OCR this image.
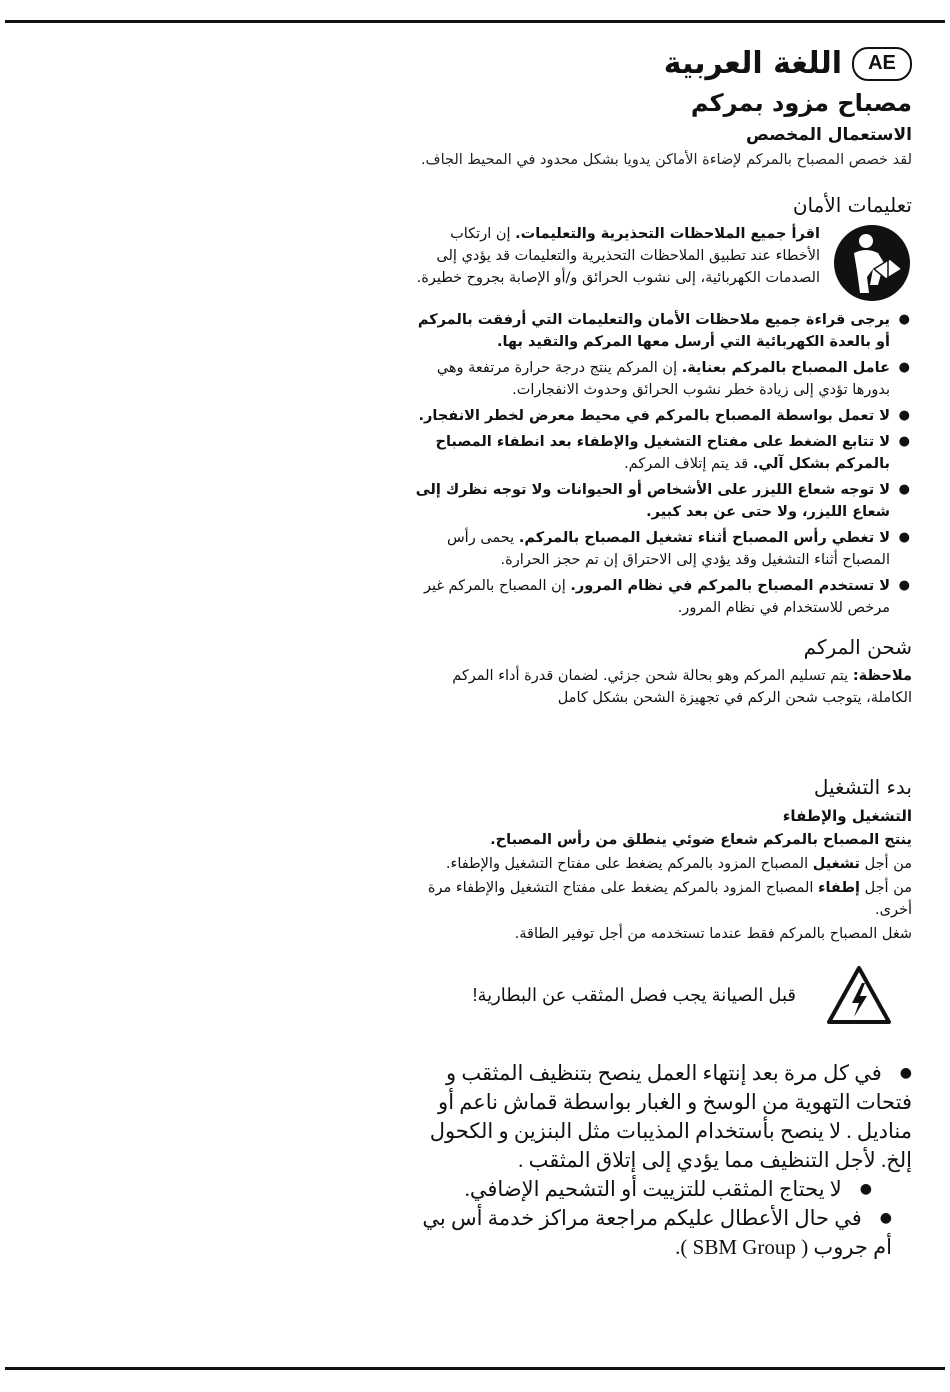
AE
اللغة العربية
مصباح مزود بمركم
الاستعمال المخصص

لقد خصص المصباح بالمركم لإضاءة الأماكن يدويا بشكل محدود في المحيط الجاف.

تعليمات الأمان

اقرأ جميع الملاحظات التحذيرية والتعليمات. إن ارتكاب الأخطاء عند تطبيق الملاحظات التحذيرية والتعليمات قد يؤدي إلى الصدمات الكهربائية، إلى نشوب الحرائق و/أو الإصابة بجروح خطيرة.

● يرجى قراءة جميع ملاحظات الأمان والتعليمات التي أرفقت بالمركم أو بالعدة الكهربائية التي أرسل معها المركم والتقيد بها.
● عامل المصباح بالمركم بعناية. إن المركم ينتج درجة حرارة مرتفعة وهي بدورها تؤدي إلى زيادة خطر نشوب الحرائق وحدوث الانفجارات.
● لا تعمل بواسطة المصباح بالمركم في محيط معرض لخطر الانفجار.
● لا تتابع الضغط على مفتاح التشغيل والإطفاء بعد انطفاء المصباح بالمركم بشكل آلي. قد يتم إتلاف المركم.
● لا توجه شعاع الليزر على الأشخاص أو الحيوانات ولا توجه نظرك إلى شعاع الليزر، ولا حتى عن بعد كبير.
● لا تغطي رأس المصباح أثناء تشغيل المصباح بالمركم. يحمى رأس المصباح أثناء التشغيل وقد يؤدي إلى الاحتراق إن تم حجز الحرارة.
● لا تستخدم المصباح بالمركم في نظام المرور. إن المصباح بالمركم غير مرخص للاستخدام في نظام المرور.
شحن المركم

ملاحظة: يتم تسليم المركم وهو بحالة شحن جزئي. لضمان قدرة أداء المركم الكاملة، يتوجب شحن الركم في تجهيزة الشحن بشكل كامل

بدء التشغيل
التشغيل والإطفاء

ينتج المصباح بالمركم شعاع ضوئي ينطلق من رأس المصباح.

من أجل تشغيل المصباح المزود بالمركم يضغط على مفتاح التشغيل والإطفاء.

من أجل إطفاء المصباح المزود بالمركم يضغط على مفتاح التشغيل والإطفاء مرة أخرى.

شغل المصباح بالمركم فقط عندما تستخدمه من أجل توفير الطاقة.

قبل الصيانة يجب فصل المثقب عن البطارية!
●في كل مرة بعد إنتهاء العمل ينصح بتنظيف المثقب و فتحات التهوية من الوسخ و الغبار بواسطة قماش ناعم أو مناديل . لا ينصح بأستخدام المذيبات مثل البنزين و الكحول إلخ. لأجل التنظيف مما يؤدي إلى إتلاق المثقب .
●لا يحتاج المثقب للتزييت أو التشحيم الإضافي.
●في حال الأعطال عليكم مراجعة مراكز خدمة أس بي أم جروب ( SBM Group ).
